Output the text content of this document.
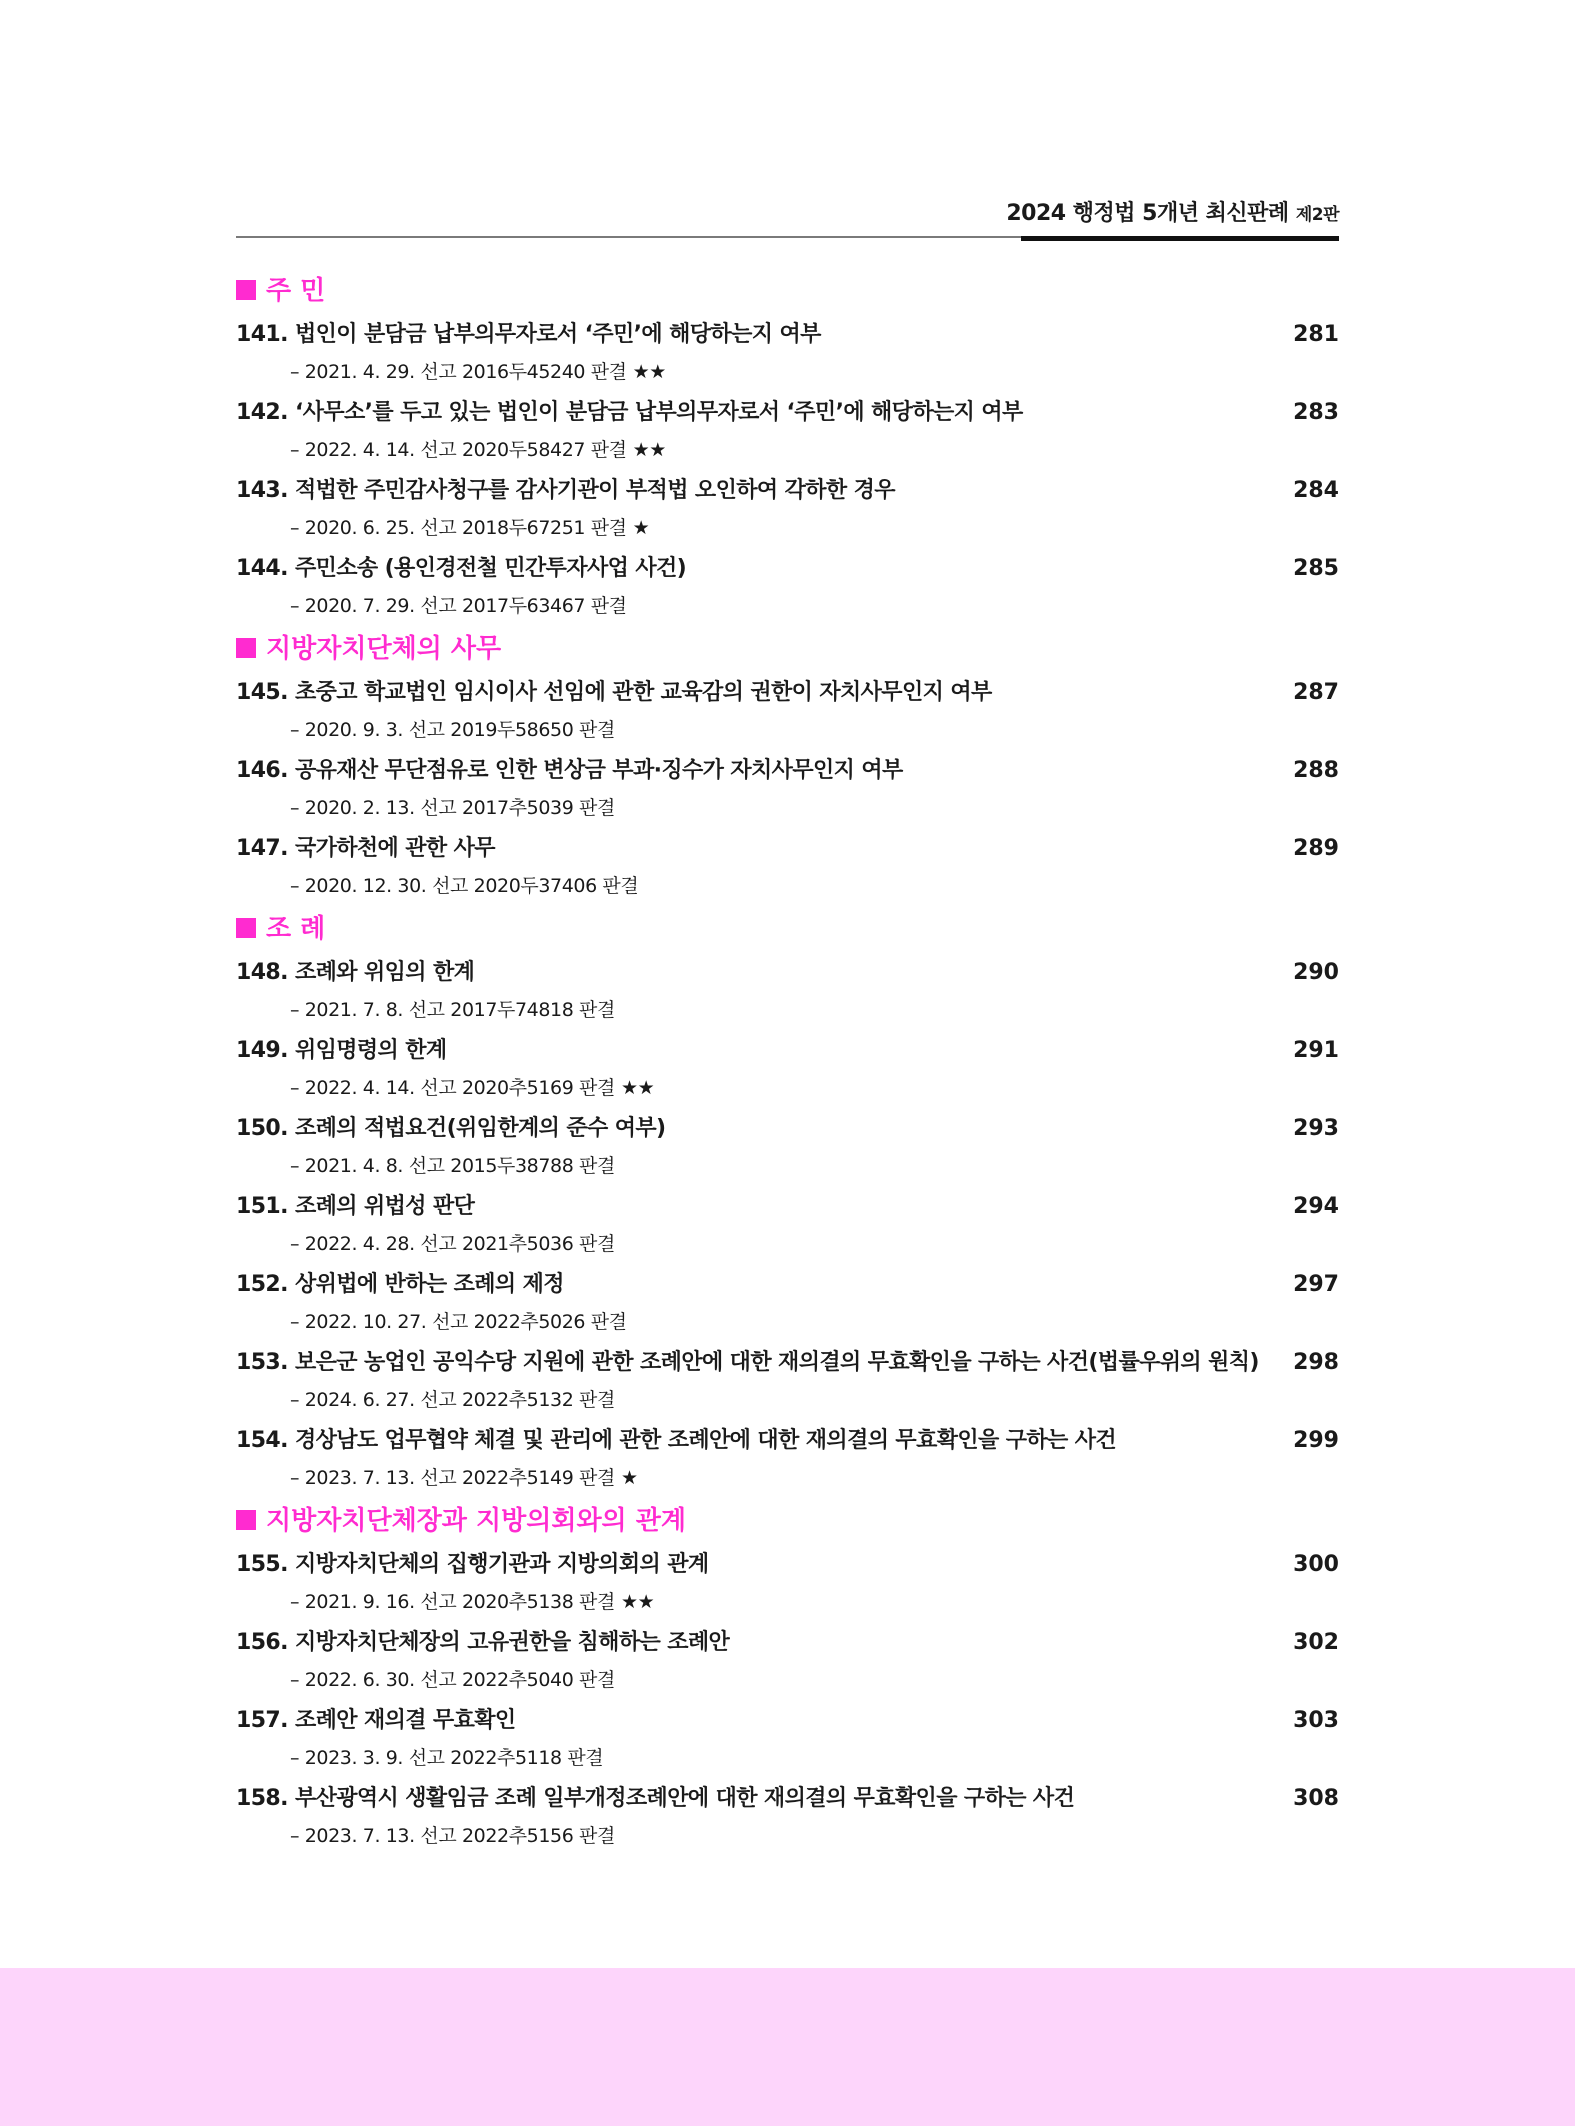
2024 행정법 5개년 최신판례 제2판
주 민
141. 법인이 분담금 납부의무자로서 ‘주민’에 해당하는지 여부	281
– 2021. 4. 29. 선고 2016두45240 판결 ★★
142. ‘사무소’를 두고 있는 법인이 분담금 납부의무자로서 ‘주민’에 해당하는지 여부	283
– 2022. 4. 14. 선고 2020두58427 판결 ★★
143. 적법한 주민감사청구를 감사기관이 부적법 오인하여 각하한 경우	284
– 2020. 6. 25. 선고 2018두67251 판결 ★
144. 주민소송 (용인경전철 민간투자사업 사건)	285
– 2020. 7. 29. 선고 2017두63467 판결
지방자치단체의 사무
145. 초중고 학교법인 임시이사 선임에 관한 교육감의 권한이 자치사무인지 여부	287
– 2020. 9. 3. 선고 2019두58650 판결
146. 공유재산 무단점유로 인한 변상금 부과·징수가 자치사무인지 여부	288
– 2020. 2. 13. 선고 2017추5039 판결
147. 국가하천에 관한 사무	289
– 2020. 12. 30. 선고 2020두37406 판결
조 례
148. 조례와 위임의 한계	290
– 2021. 7. 8. 선고 2017두74818 판결
149. 위임명령의 한계	291
– 2022. 4. 14. 선고 2020추5169 판결 ★★
150. 조례의 적법요건(위임한계의 준수 여부)	293
– 2021. 4. 8. 선고 2015두38788 판결
151. 조례의 위법성 판단	294
– 2022. 4. 28. 선고 2021추5036 판결
152. 상위법에 반하는 조례의 제정	297
– 2022. 10. 27. 선고 2022추5026 판결
153. 보은군 농업인 공익수당 지원에 관한 조례안에 대한 재의결의 무효확인을 구하는 사건(법률우위의 원칙) 298
– 2024. 6. 27. 선고 2022추5132 판결
154. 경상남도 업무협약 체결 및 관리에 관한 조례안에 대한 재의결의 무효확인을 구하는 사건	299
– 2023. 7. 13. 선고 2022추5149 판결 ★
지방자치단체장과 지방의회와의 관계
155. 지방자치단체의 집행기관과 지방의회의 관계	300
– 2021. 9. 16. 선고 2020추5138 판결 ★★
156. 지방자치단체장의 고유권한을 침해하는 조례안	302
– 2022. 6. 30. 선고 2022추5040 판결
157. 조례안 재의결 무효확인	303
– 2023. 3. 9. 선고 2022추5118 판결
158. 부산광역시 생활임금 조례 일부개정조례안에 대한 재의결의 무효확인을 구하는 사건	308
– 2023. 7. 13. 선고 2022추5156 판결
